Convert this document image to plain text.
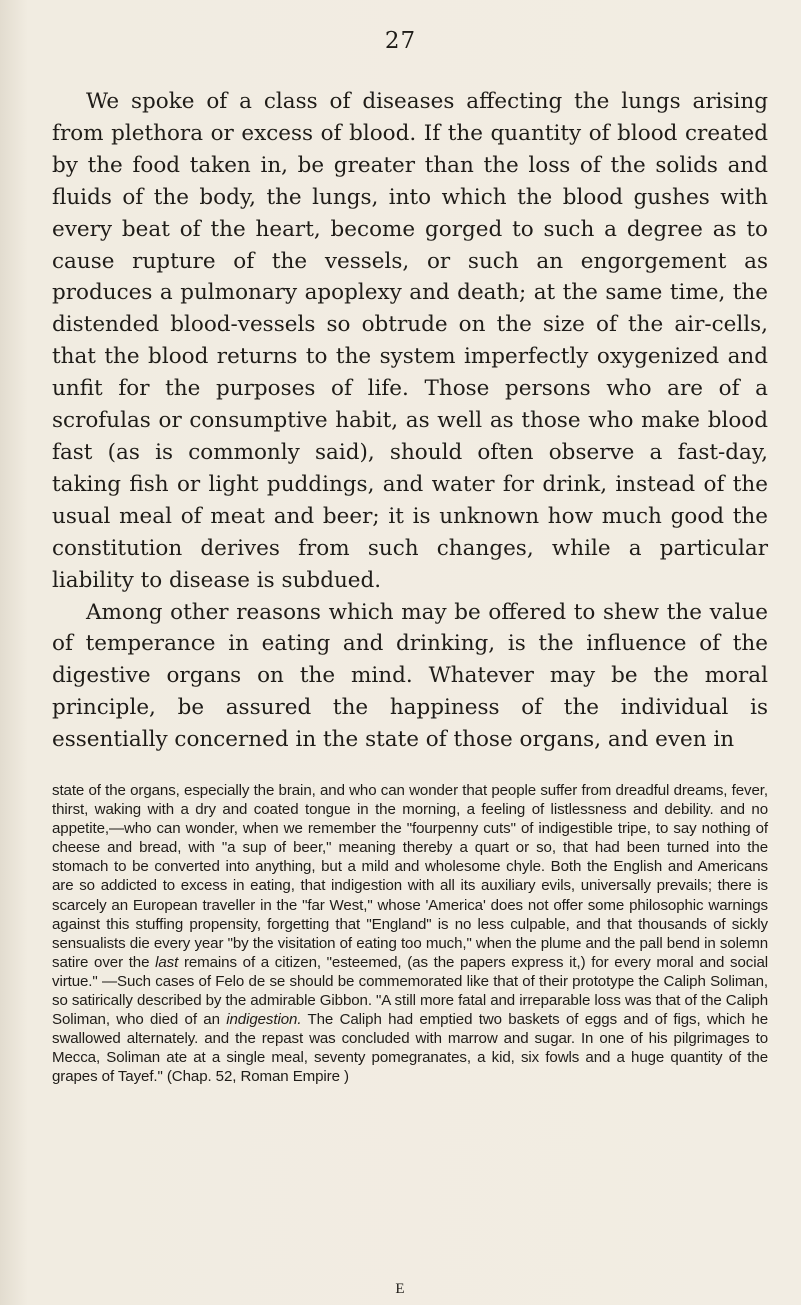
27

We spoke of a class of diseases affecting the lungs arising from plethora or excess of blood. If the quantity of blood created by the food taken in, be greater than the loss of the solids and fluids of the body, the lungs, into which the blood gushes with every beat of the heart, become gorged to such a degree as to cause rupture of the vessels, or such an engorgement as produces a pulmonary apoplexy and death; at the same time, the distended blood-vessels so obtrude on the size of the air-cells, that the blood returns to the system imperfectly oxygenized and unfit for the purposes of life. Those persons who are of a scrofulas or consumptive habit, as well as those who make blood fast (as is commonly said), should often observe a fast-day, taking fish or light puddings, and water for drink, instead of the usual meal of meat and beer; it is unknown how much good the constitution derives from such changes, while a particular liability to disease is subdued.

Among other reasons which may be offered to shew the value of temperance in eating and drinking, is the influence of the digestive organs on the mind. Whatever may be the moral principle, be assured the happiness of the individual is essentially concerned in the state of those organs, and even in

state of the organs, especially the brain, and who can wonder that people suffer from dreadful dreams, fever, thirst, waking with a dry and coated tongue in the morning, a feeling of listlessness and debility. and no appetite,—who can wonder, when we remember the "fourpenny cuts" of indigestible tripe, to say nothing of cheese and bread, with "a sup of beer," meaning thereby a quart or so, that had been turned into the stomach to be converted into anything, but a mild and wholesome chyle. Both the English and Americans are so addicted to excess in eating, that indigestion with all its auxiliary evils, universally prevails; there is scarcely an European traveller in the "far West," whose 'America' does not offer some philosophic warnings against this stuffing propensity, forgetting that "England" is no less culpable, and that thousands of sickly sensualists die every year "by the visitation of eating too much," when the plume and the pall bend in solemn satire over the last remains of a citizen, "esteemed, (as the papers express it,) for every moral and social virtue." —Such cases of Felo de se should be commemorated like that of their prototype the Caliph Soliman, so satirically described by the admirable Gibbon. "A still more fatal and irreparable loss was that of the Caliph Soliman, who died of an indigestion. The Caliph had emptied two baskets of eggs and of figs, which he swallowed alternately. and the repast was concluded with marrow and sugar. In one of his pilgrimages to Mecca, Soliman ate at a single meal, seventy pomegranates, a kid, six fowls and a huge quantity of the grapes of Tayef." (Chap. 52, Roman Empire )

E
